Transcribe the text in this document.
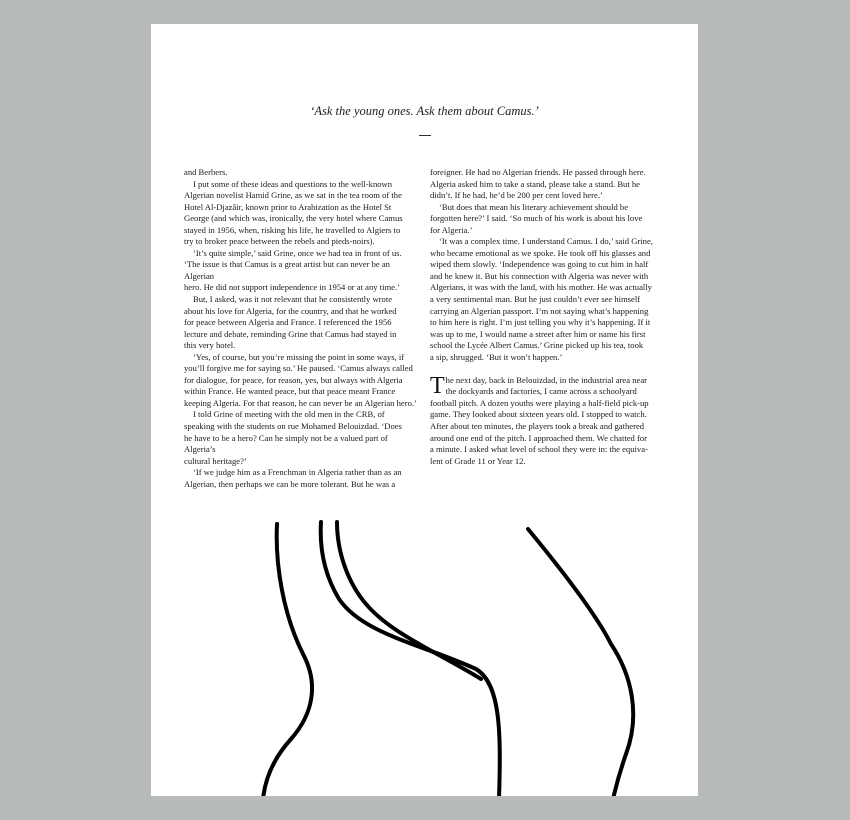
‘Ask the young ones. Ask them about Camus.’

and Berbers.

I put some of these ideas and questions to the well-known
Algerian novelist Hamid Grine, as we sat in the tea room of the
Hotel Al-Djazâir, known prior to Arabization as the Hotel St
George (and which was, ironically, the very hotel where Camus
stayed in 1956, when, risking his life, he travelled to Algiers to
try to broker peace between the rebels and pieds-noirs).

‘It’s quite simple,’ said Grine, once we had tea in front of us.
‘The issue is that Camus is a great artist but can never be an Algerian
hero. He did not support independence in 1954 or at any time.’

But, I asked, was it not relevant that he consistently wrote
about his love for Algeria, for the country, and that he worked
for peace between Algeria and France. I referenced the 1956
lecture and debate, reminding Grine that Camus had stayed in
this very hotel.

‘Yes, of course, but you’re missing the point in some ways, if
you’ll forgive me for saying so.’ He paused. ‘Camus always called
for dialogue, for peace, for reason, yes, but always with Algeria
within France. He wanted peace, but that peace meant France
keeping Algeria. For that reason, he can never be an Algerian hero.’

I told Grine of meeting with the old men in the CRB, of
speaking with the students on rue Mohamed Belouizdad. ‘Does
he have to be a hero? Can he simply not be a valued part of Algeria’s
cultural heritage?’

‘If we judge him as a Frenchman in Algeria rather than as an
Algerian, then perhaps we can be more tolerant. But he was a

foreigner. He had no Algerian friends. He passed through here.
Algeria asked him to take a stand, please take a stand. But he
didn’t. If he had, he’d be 200 per cent loved here.’

‘But does that mean his literary achievement should be
forgotten here?’ I said. ‘So much of his work is about his love
for Algeria.’

‘It was a complex time. I understand Camus. I do,’ said Grine,
who became emotional as we spoke. He took off his glasses and
wiped them slowly. ‘Independence was going to cut him in half
and he knew it. But his connection with Algeria was never with
Algerians, it was with the land, with his mother. He was actually
a very sentimental man. But he just couldn’t ever see himself
carrying an Algerian passport. I’m not saying what’s happening
to him here is right. I’m just telling you why it’s happening. If it
was up to me, I would name a street after him or name his first
school the Lycée Albert Camus.’ Grine picked up his tea, took
a sip, shrugged. ‘But it won’t happen.’

The next day, back in Belouizdad, in the industrial area near
the dockyards and factories, I came across a schoolyard
football pitch. A dozen youths were playing a half-field pick-up
game. They looked about sixteen years old. I stopped to watch.
After about ten minutes, the players took a break and gathered
around one end of the pitch. I approached them. We chatted for
a minute. I asked what level of school they were in: the equiva-
lent of Grade 11 or Year 12.
